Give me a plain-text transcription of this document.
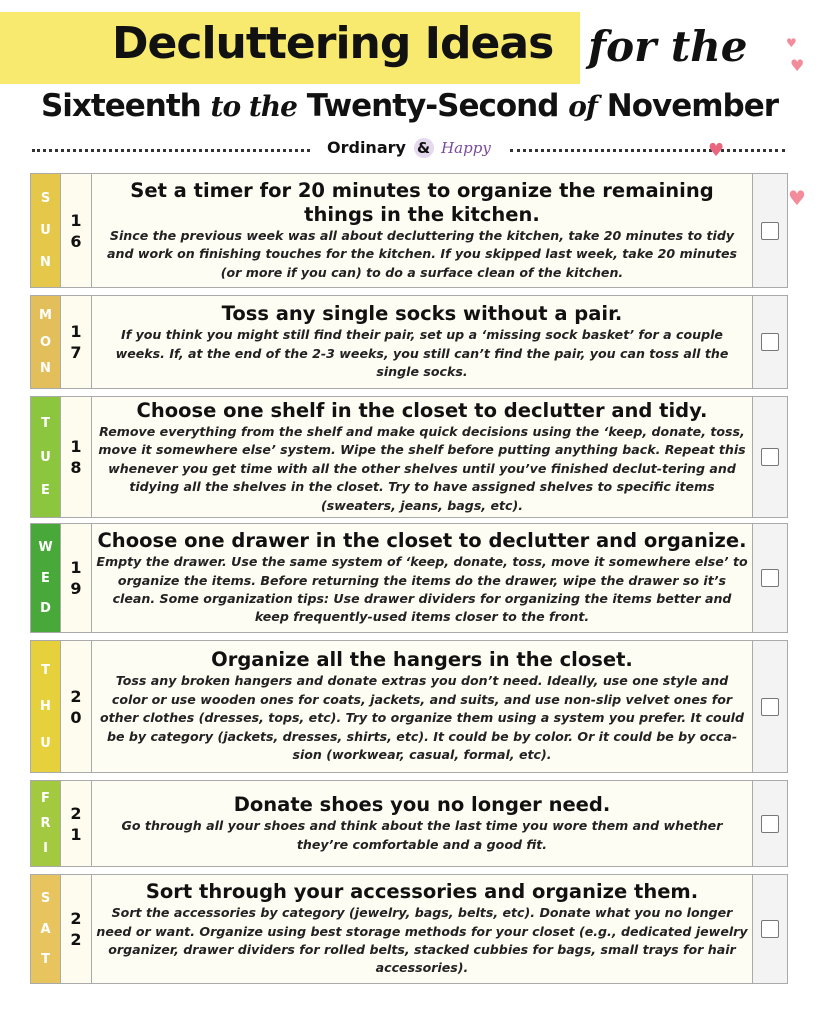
Decluttering Ideas for the
Sixteenth to the Twenty-Second of November
Ordinary & Happy
♥
♥
♥
♥
S
U
N
1
6
Set a timer for 20 minutes to organize the remaining things in the kitchen.
Since the previous week was all about decluttering the kitchen, take 20 minutes to tidy and work on finishing touches for the kitchen. If you skipped last week, take 20 minutes (or more if you can) to do a surface clean of the kitchen.
M
O
N
1
7
Toss any single socks without a pair.
If you think you might still find their pair, set up a ‘missing sock basket’ for a couple weeks. If, at the end of the 2-3 weeks, you still can’t find the pair, you can toss all the single socks.
T
U
E
1
8
Choose one shelf in the closet to declutter and tidy.
Remove everything from the shelf and make quick decisions using the ‘keep, donate, toss, move it somewhere else’ system. Wipe the shelf before putting anything back. Repeat this whenever you get time with all the other shelves until you’ve finished declut-tering and tidying all the shelves in the closet. Try to have assigned shelves to specific items (sweaters, jeans, bags, etc).
W
E
D
1
9
Choose one drawer in the closet to declutter and organize.
Empty the drawer. Use the same system of ‘keep, donate, toss, move it somewhere else’ to organize the items. Before returning the items do the drawer, wipe the drawer so it’s clean. Some organization tips: Use drawer dividers for organizing the items better and keep frequently-used items closer to the front.
T
H
U
2
0
Organize all the hangers in the closet.
Toss any broken hangers and donate extras you don’t need. Ideally, use one style and color or use wooden ones for coats, jackets, and suits, and use non-slip velvet ones for other clothes (dresses, tops, etc). Try to organize them using a system you prefer. It could be by category (jackets, dresses, shirts, etc). It could be by color. Or it could be by occa-sion (workwear, casual, formal, etc).
F
R
I
2
1
Donate shoes you no longer need.
Go through all your shoes and think about the last time you wore them and whether they’re comfortable and a good fit.
S
A
T
2
2
Sort through your accessories and organize them.
Sort the accessories by category (jewelry, bags, belts, etc). Donate what you no longer need or want. Organize using best storage methods for your closet (e.g., dedicated jewelry organizer, drawer dividers for rolled belts, stacked cubbies for bags, small trays for hair accessories).
